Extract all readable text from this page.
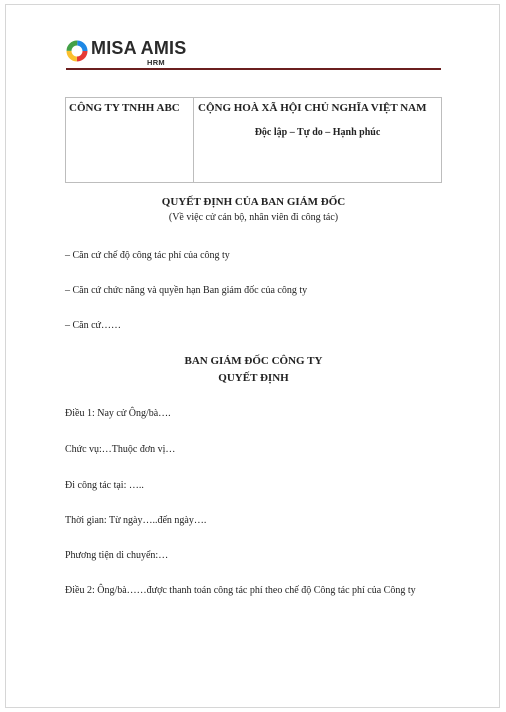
MISA AMIS
HRM
CÔNG TY TNHH ABC	CỘNG HOÀ XÃ HỘI CHỦ NGHĨA VIỆT NAM
Độc lập – Tự do – Hạnh phúc
QUYẾT ĐỊNH CỦA BAN GIÁM ĐỐC
(Về việc cử cán bộ, nhân viên đi công tác)
– Căn cứ chế độ công tác phí của công ty
– Căn cứ chức năng và quyền hạn Ban giám đốc của công ty
– Căn cứ……
BAN GIÁM ĐỐC CÔNG TY
QUYẾT ĐỊNH
Điều 1: Nay cử Ông/bà….
Chức vụ:…Thuộc đơn vị…
Đi công tác tại: …..
Thời gian: Từ ngày…..đến ngày….
Phương tiện di chuyển:…
Điều 2: Ông/bà……được thanh toán công tác phí theo chế độ Công tác phí của Công ty
